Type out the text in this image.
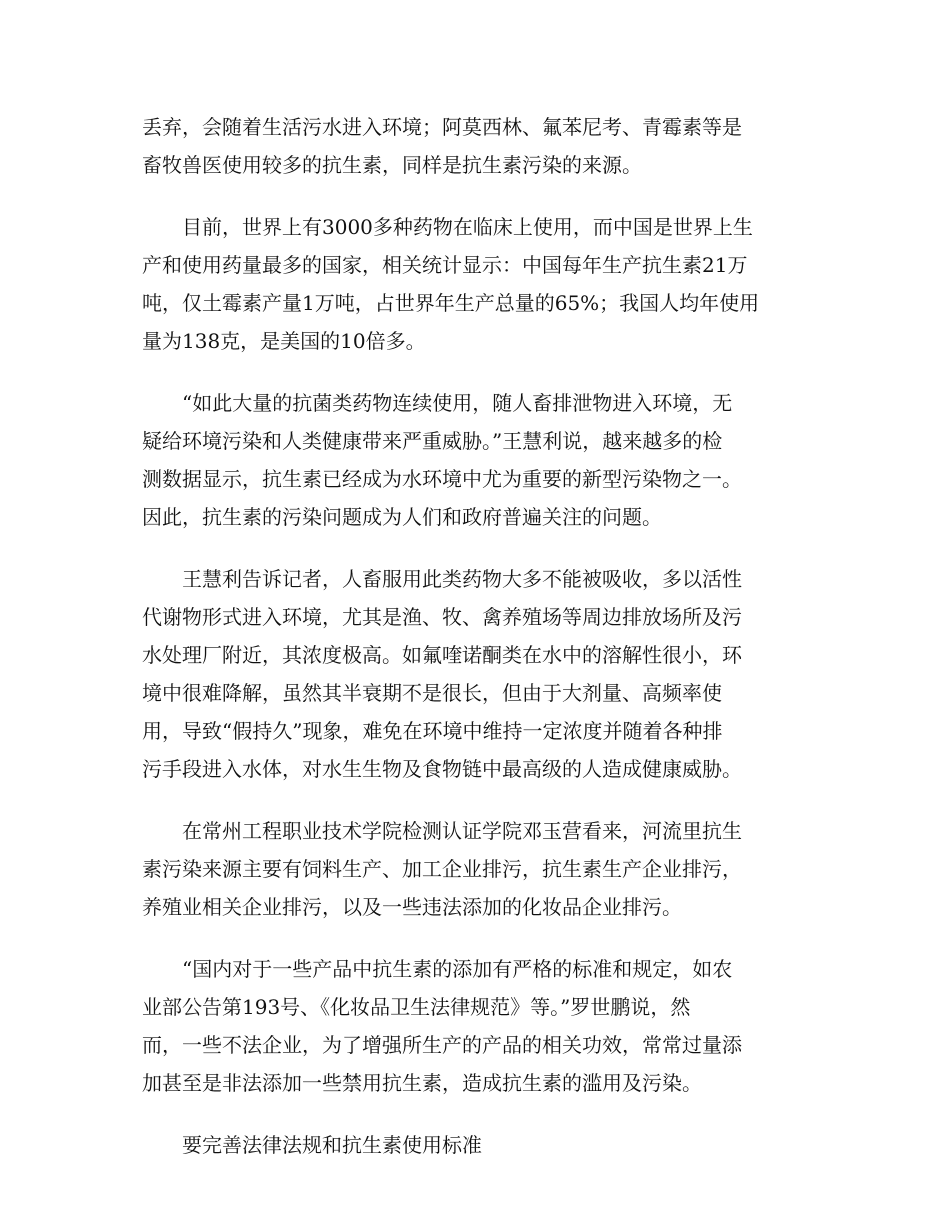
丢弃，会随着生活污水进入环境；阿莫西林、氟苯尼考、青霉素等是
畜牧兽医使用较多的抗生素，同样是抗生素污染的来源。
目前，世界上有3000多种药物在临床上使用，而中国是世界上生
产和使用药量最多的国家，相关统计显示：中国每年生产抗生素21万
吨，仅土霉素产量1万吨，占世界年生产总量的65%；我国人均年使用
量为138克，是美国的10倍多。
“如此大量的抗菌类药物连续使用，随人畜排泄物进入环境，无
疑给环境污染和人类健康带来严重威胁。”王慧利说，越来越多的检
测数据显示，抗生素已经成为水环境中尤为重要的新型污染物之一。
因此，抗生素的污染问题成为人们和政府普遍关注的问题。
王慧利告诉记者，人畜服用此类药物大多不能被吸收，多以活性
代谢物形式进入环境，尤其是渔、牧、禽养殖场等周边排放场所及污
水处理厂附近，其浓度极高。如氟喹诺酮类在水中的溶解性很小，环
境中很难降解，虽然其半衰期不是很长，但由于大剂量、高频率使
用，导致“假持久”现象，难免在环境中维持一定浓度并随着各种排
污手段进入水体，对水生生物及食物链中最高级的人造成健康威胁。
在常州工程职业技术学院检测认证学院邓玉营看来，河流里抗生
素污染来源主要有饲料生产、加工企业排污，抗生素生产企业排污，
养殖业相关企业排污，以及一些违法添加的化妆品企业排污。
“国内对于一些产品中抗生素的添加有严格的标准和规定，如农
业部公告第193号、《化妆品卫生法律规范》等。”罗世鹏说，然
而，一些不法企业，为了增强所生产的产品的相关功效，常常过量添
加甚至是非法添加一些禁用抗生素，造成抗生素的滥用及污染。
要完善法律法规和抗生素使用标准
